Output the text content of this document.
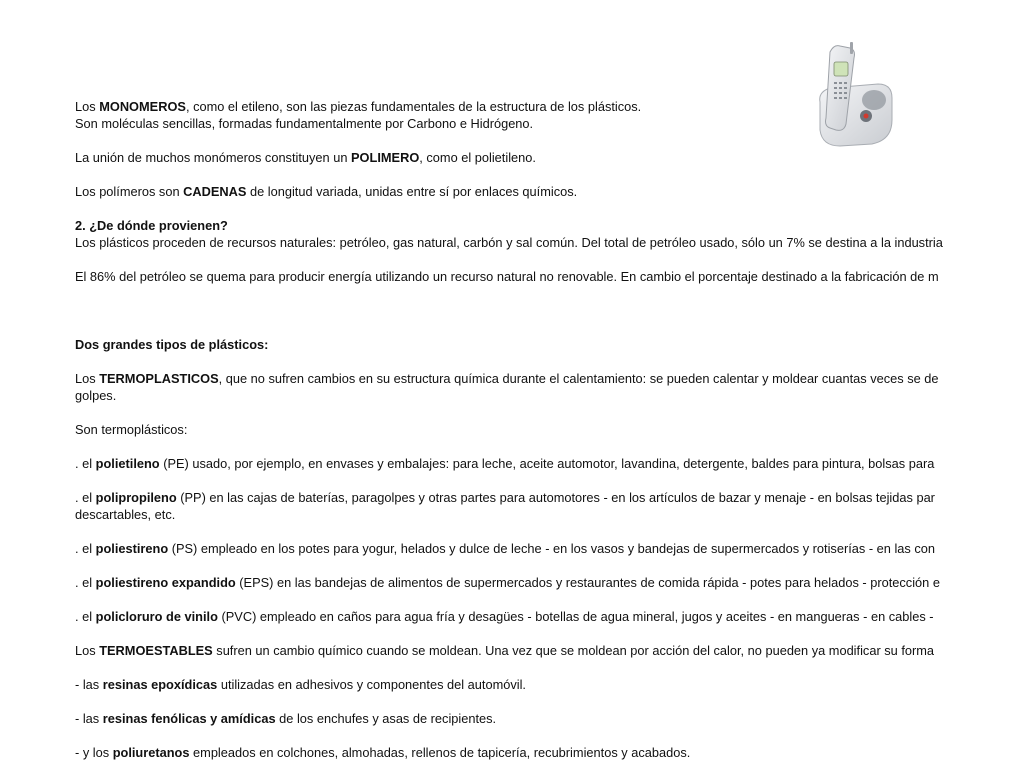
Los MONOMEROS, como el etileno, son las piezas fundamentales de la estructura de los plásticos.
Son moléculas sencillas, formadas fundamentalmente por Carbono e Hidrógeno.
La unión de muchos monómeros constituyen un POLIMERO, como el polietileno.
Los polímeros son CADENAS de longitud variada, unidas entre sí por enlaces químicos.
2. ¿De dónde provienen?
Los plásticos proceden de recursos naturales: petróleo, gas natural, carbón y sal común. Del total de petróleo usado, sólo un 7% se destina a la industria
El 86% del petróleo se quema para producir energía utilizando un recurso natural no renovable. En cambio el porcentaje destinado a la fabricación de m
Dos grandes tipos de plásticos:
Los TERMOPLASTICOS, que no sufren cambios en su estructura química durante el calentamiento: se pueden calentar y moldear cuantas veces se de
golpes.
Son termoplásticos:
. el polietileno (PE) usado, por ejemplo, en envases y embalajes: para leche, aceite automotor, lavandina, detergente, baldes para pintura, bolsas para
. el polipropileno (PP) en las cajas de baterías, paragolpes y otras partes para automotores - en los artículos de bazar y menaje - en bolsas tejidas par
descartables, etc.
. el poliestireno (PS) empleado en los potes para yogur, helados y dulce de leche - en los vasos y bandejas de supermercados y rotiserías - en las con
. el poliestireno expandido (EPS) en las bandejas de alimentos de supermercados y restaurantes de comida rápida - potes para helados - protección e
. el policloruro de vinilo (PVC) empleado en caños para agua fría y desagües - botellas de agua mineral, jugos y aceites - en mangueras - en cables -
Los TERMOESTABLES sufren un cambio químico cuando se moldean. Una vez que se moldean por acción del calor, no pueden ya modificar su forma
- las resinas epoxídicas utilizadas en adhesivos y componentes del automóvil.
- las resinas fenólicas y amídicas de los enchufes y asas de recipientes.
- y los poliuretanos empleados en colchones, almohadas, rellenos de tapicería, recubrimientos y acabados.
